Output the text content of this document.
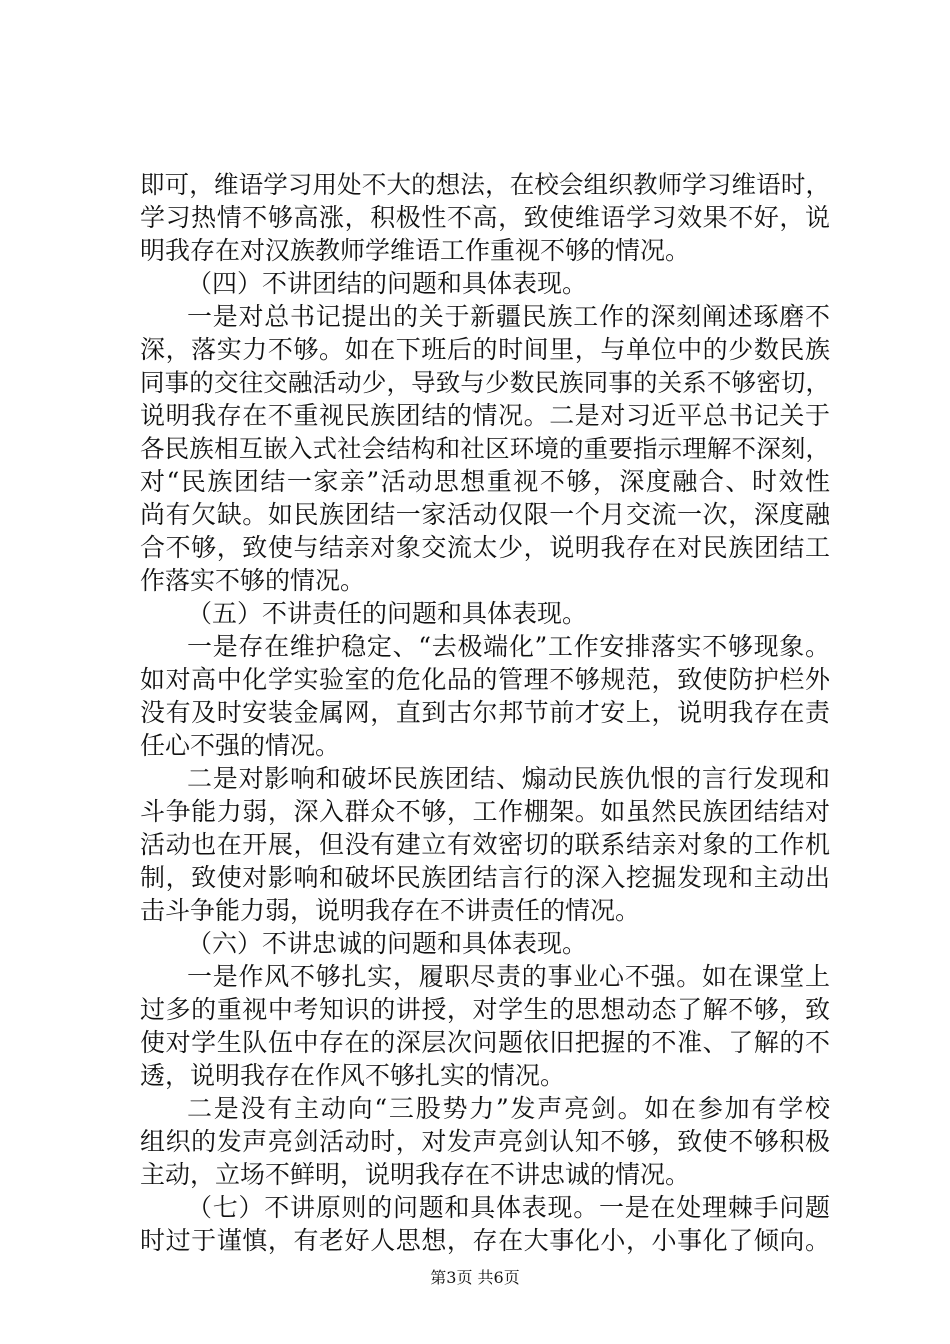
即可，维语学习用处不大的想法，在校会组织教师学习维语时，
学习热情不够高涨，积极性不高，致使维语学习效果不好，说
明我存在对汉族教师学维语工作重视不够的情况。
（四）不讲团结的问题和具体表现。
一是对总书记提出的关于新疆民族工作的深刻阐述琢磨不
深，落实力不够。如在下班后的时间里，与单位中的少数民族
同事的交往交融活动少，导致与少数民族同事的关系不够密切，
说明我存在不重视民族团结的情况。二是对习近平总书记关于
各民族相互嵌入式社会结构和社区环境的重要指示理解不深刻，
对“民族团结一家亲”活动思想重视不够，深度融合、时效性
尚有欠缺。如民族团结一家活动仅限一个月交流一次，深度融
合不够，致使与结亲对象交流太少，说明我存在对民族团结工
作落实不够的情况。
（五）不讲责任的问题和具体表现。
一是存在维护稳定、“去极端化”工作安排落实不够现象。
如对高中化学实验室的危化品的管理不够规范，致使防护栏外
没有及时安装金属网，直到古尔邦节前才安上，说明我存在责
任心不强的情况。
二是对影响和破坏民族团结、煽动民族仇恨的言行发现和
斗争能力弱，深入群众不够，工作棚架。如虽然民族团结结对
活动也在开展，但没有建立有效密切的联系结亲对象的工作机
制，致使对影响和破坏民族团结言行的深入挖掘发现和主动出
击斗争能力弱，说明我存在不讲责任的情况。
（六）不讲忠诚的问题和具体表现。
一是作风不够扎实，履职尽责的事业心不强。如在课堂上
过多的重视中考知识的讲授，对学生的思想动态了解不够，致
使对学生队伍中存在的深层次问题依旧把握的不准、了解的不
透，说明我存在作风不够扎实的情况。
二是没有主动向“三股势力”发声亮剑。如在参加有学校
组织的发声亮剑活动时，对发声亮剑认知不够，致使不够积极
主动，立场不鲜明，说明我存在不讲忠诚的情况。
（七）不讲原则的问题和具体表现。一是在处理棘手问题
时过于谨慎，有老好人思想，存在大事化小，小事化了倾向。
第3页 共6页
